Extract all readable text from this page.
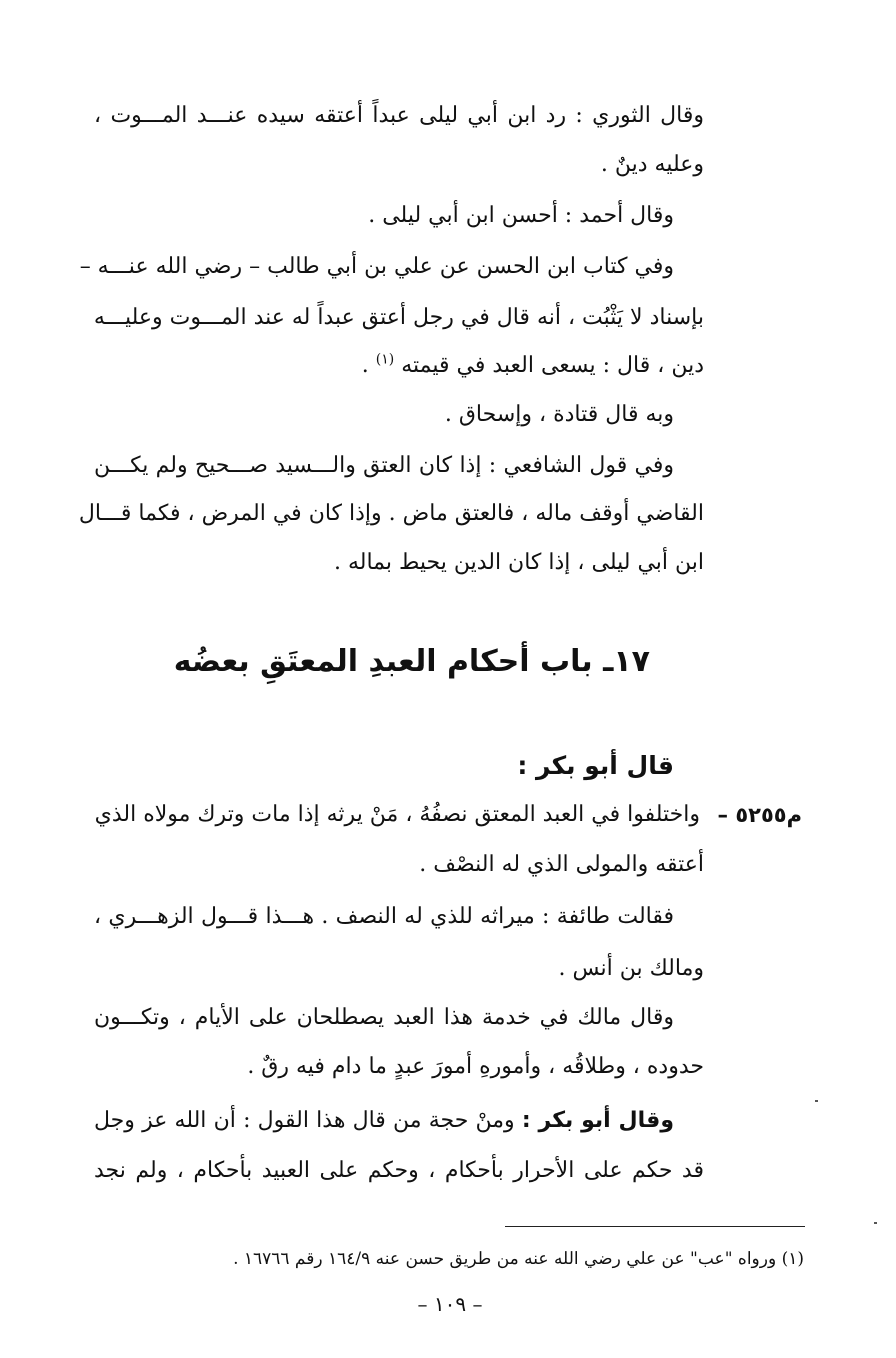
وقال الثوري : رد ابن أبي ليلى عبداً أعتقه سيده عنـــد المـــوت ،
وعليه دينٌ .
وقال أحمد : أحسن ابن أبي ليلى .
وفي كتاب ابن الحسن عن علي بن أبي طالب – رضي الله عنـــه –
بإسناد لا يَثْبُت ، أنه قال في رجل أعتق عبداً له عند المـــوت وعليـــه
دين ، قال : يسعى العبد في قيمته $^{(١)}$ .
وبه قال قتادة ، وإسحاق .
وفي قول الشافعي : إذا كان العتق والـــسيد صـــحيح ولم يكـــن
القاضي أوقف ماله ، فالعتق ماض . وإذا كان في المرض ، فكما قـــال
ابن أبي ليلى ، إذا كان الدين يحيط بماله .
١٧ـ باب أحكام العبدِ المعتَقِ بعضُه
قال أبو بكر :
م٥٢٥٥ –
واختلفوا في العبد المعتق نصفُهُ ، مَنْ يرثه إذا مات وترك مولاه الذي
أعتقه والمولى الذي له النصْف .
فقالت طائفة : ميراثه للذي له النصف . هـــذا قـــول الزهـــري ،
ومالك بن أنس .
وقال مالك في خدمة هذا العبد يصطلحان على الأيام ، وتكـــون
حدوده ، وطلاقُه ، وأمورهِ أمورَ عبدٍ ما دام فيه رقٌ .
وقال أبو بكر : ومنْ حجة من قال هذا القول : أن الله عز وجل
قد حكم على الأحرار بأحكام ، وحكم على العبيد بأحكام ، ولم نجد
(١) ورواه "عب" عن علي رضي الله عنه من طريق حسن عنه ١٦٤/٩ رقم ١٦٧٦٦ .
– ١٠٩ –
